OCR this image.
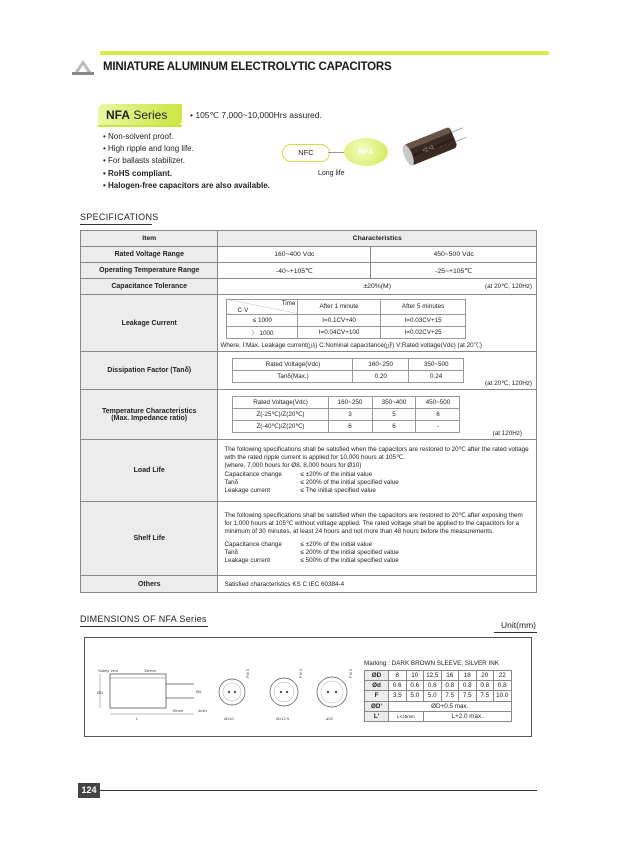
MINIATURE ALUMINUM ELECTROLYTIC CAPACITORS
NFA Series	• 105℃ 7,000~10,000Hrs assured.
• Non-solvent proof.
• High ripple and long life.
• For ballasts stabilizer.
• RoHS compliant.
• Halogen-free capacitors are also available.
NFC	NFA
Long life
◁ ◁
SPECIFICATIONS
Item	Characteristics
Rated Voltage Range	160~400 Vdc	450~500 Vdc
Operating Temperature Range	-40~+105℃	-25~+105℃
Capacitance Tolerance	±20%(M)	(at 20℃, 120Hz)

Leakage Current	
Time
C·V	After 1 minute	After 5 minutes
≤ 1000	I=0.1CV+40	I=0.03CV+15
〉 1000	I=0.04CV+100	I=0.02CV+25
Where, I:Max. Leakage current(㎂) C:Nominal capacitance(㎌) V:Rated voltage(Vdc) (at 20℃)

Dissipation Factor (Tanδ)	
Rated Voltage(Vdc)	160~250	350~500
Tanδ(Max.)	0.20	0.24
(at 20℃, 120Hz)

Temperature Characteristics
(Max. Impedance ratio)

Rated Voltage(Vdc)	160~250	350~400	450~500
Z(-25℃)/Z(20℃)	3	5	6
Z(-40℃)/Z(20℃)	6	6	-
(at 120Hz)

Load Life	
The following specifications shall be satisfied when the capacitors are restored to 20℃ after the rated voltage with the rated ripple current is applied for 10,000 hours at 105℃.
(where, 7,000 hours for Ø8, 8,000 hours for Ø10)
Capacitance change	≤ ±20% of the initial value
Tanδ	≤ 200% of the initial specified value
Leakage current	≤ The initial specified value

Shelf Life	
The following specifications shall be satisfied when the capacitors are restored to 20℃ after exposing them for 1,000 hours at 105℃ without voltage applied. The rated voltage shall be applied to the capacitors for a minimum of 30 minutes, at least 24 hours and not more than 48 hours before the measurements.
Capacitance change	≤ ±20% of the initial value
Tanδ	≤ 200% of the initial specified value
Leakage current	≤ 500% of the initial specified value

Others	Satisfied characteristics KS C IEC 60384-4
DIMENSIONS OF NFA Series
Unit(mm)
Safety vent	Sleeve
L
ØD	Ød
15mm	4min
Ø≤10	Ø≥12.5	ø20
P±0.5	P±0.5	P±0.5
Marking : DARK BROWN SLEEVE, SILVER INK
ØD	8	10	12.5	16	18	20	22
Ød	0.6	0.6	0.6	0.8	0.8	0.8	0.8
F	3.5	5.0	5.0	7.5	7.5	7.5	10.0
ØD'	ØD+0.5 max.						
L'	L<15mm		L+2.0 max.				
124
